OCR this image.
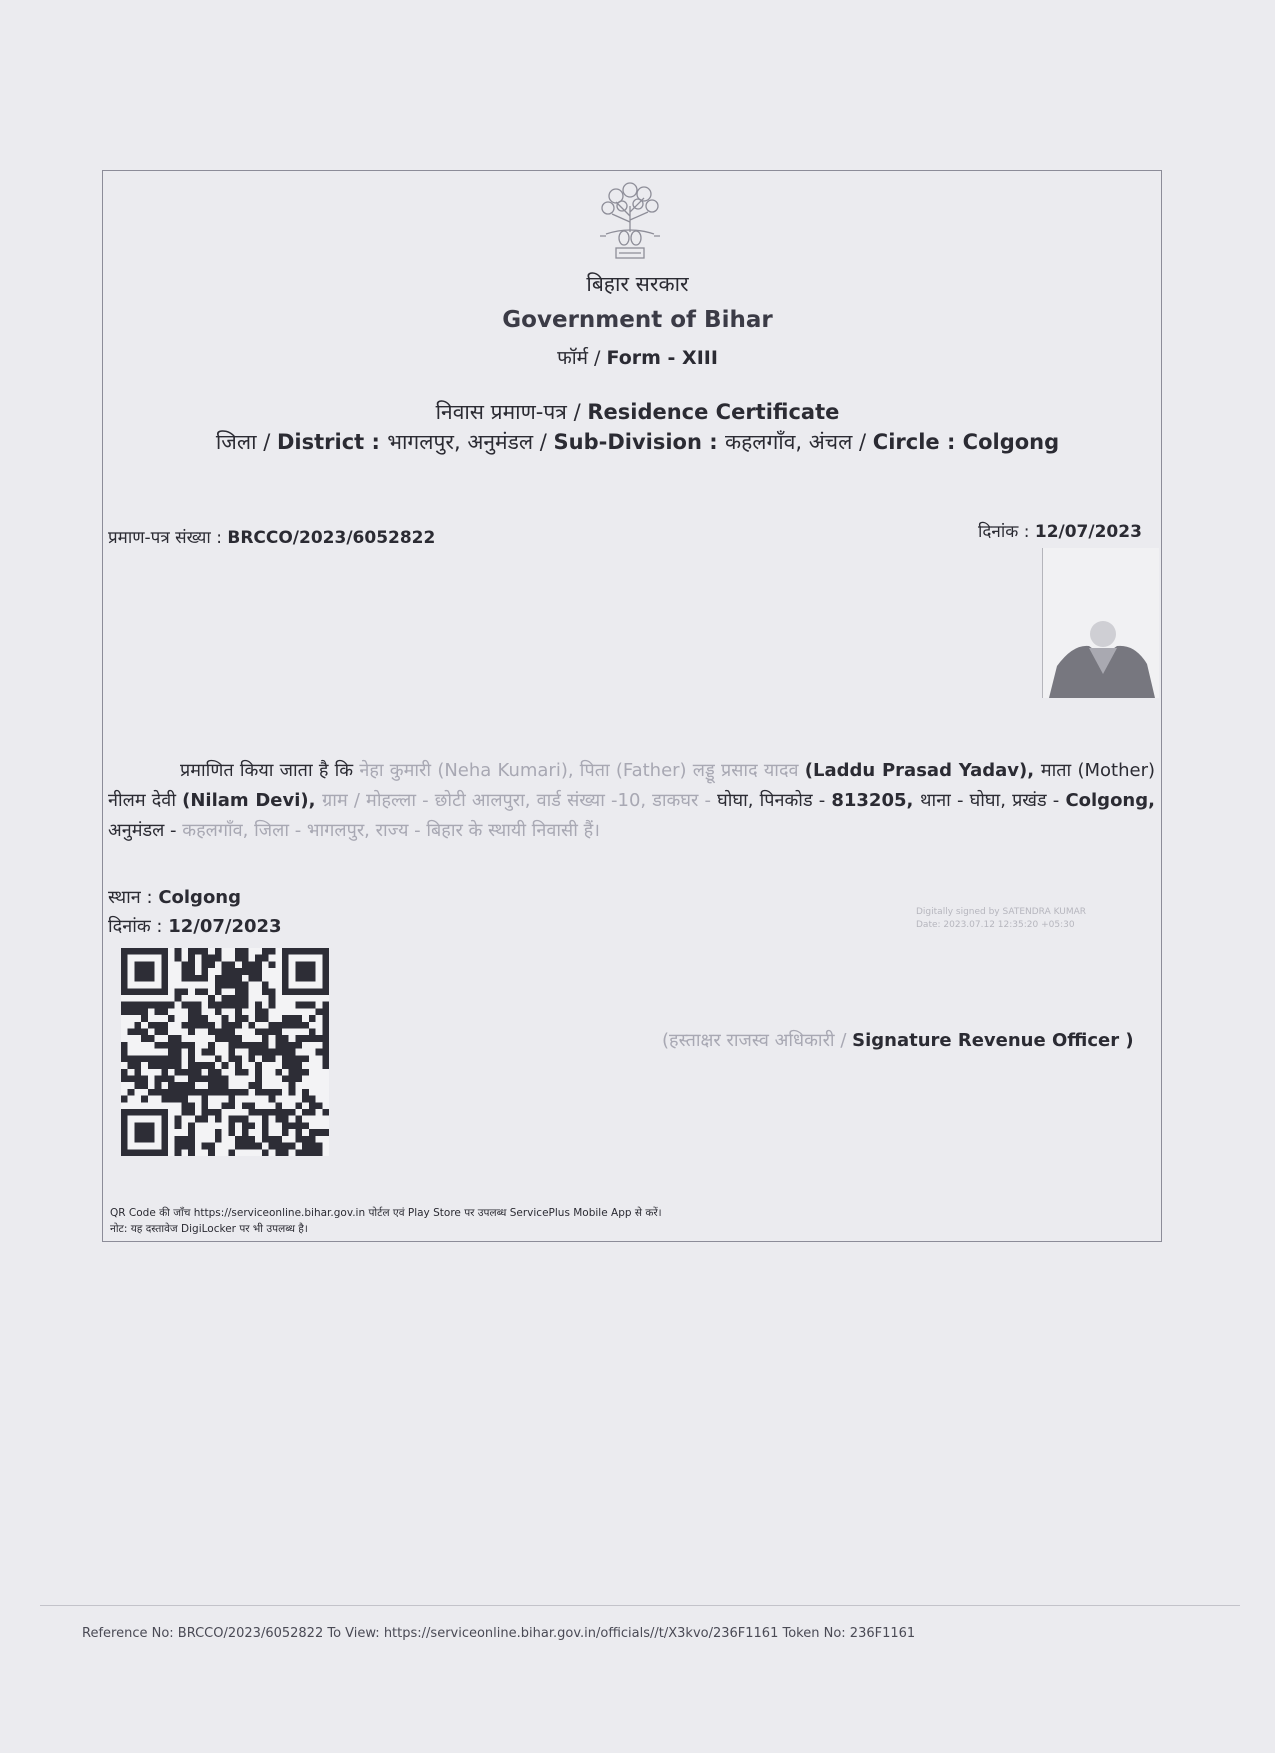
बिहार सरकार
Government of Bihar
फॉर्म / Form - XIII
निवास प्रमाण-पत्र / Residence Certificate
जिला / District : भागलपुर, अनुमंडल / Sub-Division : कहलगाँव, अंचल / Circle : Colgong
प्रमाण-पत्र संख्या : BRCCO/2023/6052822	दिनांक : 12/07/2023
प्रमाणित किया जाता है कि नेहा कुमारी (Neha Kumari), पिता (Father) लड्डू प्रसाद यादव (Laddu Prasad Yadav), माता (Mother) नीलम देवी (Nilam Devi), ग्राम / मोहल्ला - छोटी आलपुरा, वार्ड संख्या -10, डाकघर - घोघा, पिनकोड - 813205, थाना - घोघा, प्रखंड - Colgong, अनुमंडल - कहलगाँव, जिला - भागलपुर, राज्य - बिहार के स्थायी निवासी हैं।
स्थान : Colgong
दिनांक : 12/07/2023
Digitally signed by SATENDRA KUMAR
Date: 2023.07.12 12:35:20 +05:30
(हस्ताक्षर राजस्व अधिकारी / Signature Revenue Officer )
QR Code की जाँच https://serviceonline.bihar.gov.in पोर्टल एवं Play Store पर उपलब्ध ServicePlus Mobile App से करें।
नोट: यह दस्तावेज DigiLocker पर भी उपलब्ध है।
Reference No: BRCCO/2023/6052822 To View: https://serviceonline.bihar.gov.in/officials//t/X3kvo/236F1161 Token No: 236F1161
